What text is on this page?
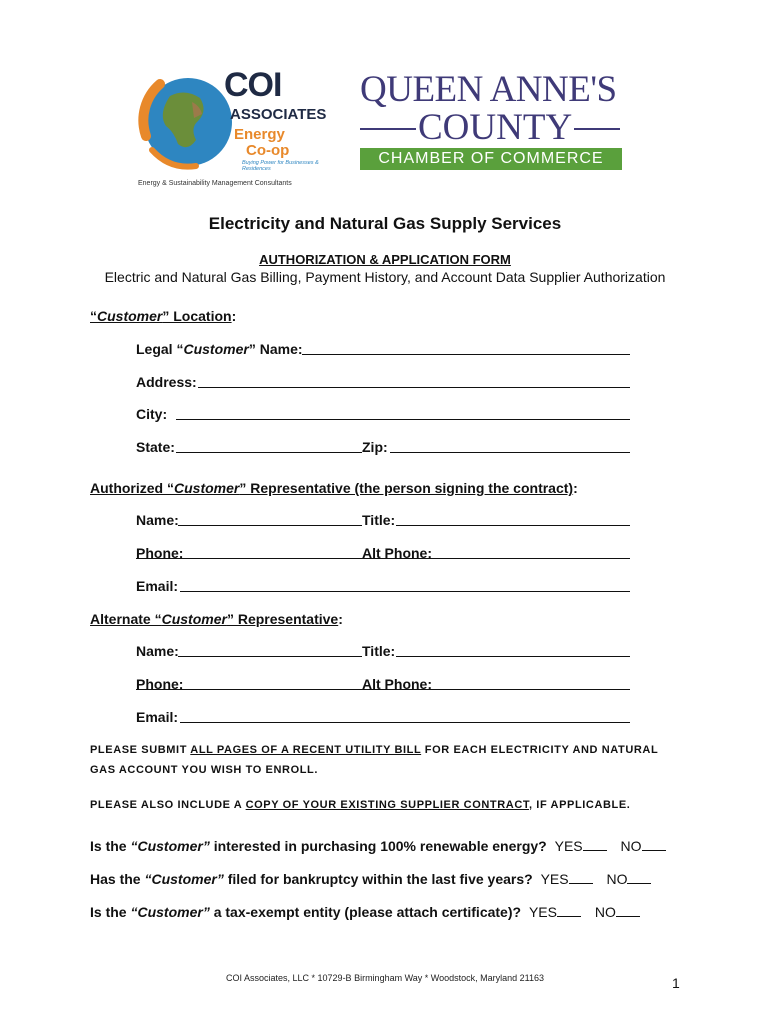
COI
ASSOCIATES
Energy
Co-op
Buying Power for Businesses & Residences
Energy & Sustainability Management Consultants
QUEEN ANNE'S
COUNTY
CHAMBER OF COMMERCE
Electricity and Natural Gas Supply Services
AUTHORIZATION & APPLICATION FORM
Electric and Natural Gas Billing, Payment History, and Account Data Supplier Authorization
“Customer” Location:
Legal “Customer” Name:
Address:
City:
State:	Zip:
Authorized “Customer” Representative (the person signing the contract):
Name:	Title:
Phone:	Alt Phone:
Email:
Alternate “Customer” Representative:
Name:	Title:
Phone:	Alt Phone:
Email:
PLEASE SUBMIT ALL PAGES OF A RECENT UTILITY BILL FOR EACH ELECTRICITY AND NATURAL
GAS ACCOUNT YOU WISH TO ENROLL.
PLEASE ALSO INCLUDE A COPY OF YOUR EXISTING SUPPLIER CONTRACT, IF APPLICABLE.
Is the “Customer” interested in purchasing 100% renewable energy? YES	NO
Has the “Customer” filed for bankruptcy within the last five years? YES	NO
Is the “Customer” a tax-exempt entity (please attach certificate)? YES	NO
COI Associates, LLC * 10729-B Birmingham Way * Woodstock, Maryland 21163	1
